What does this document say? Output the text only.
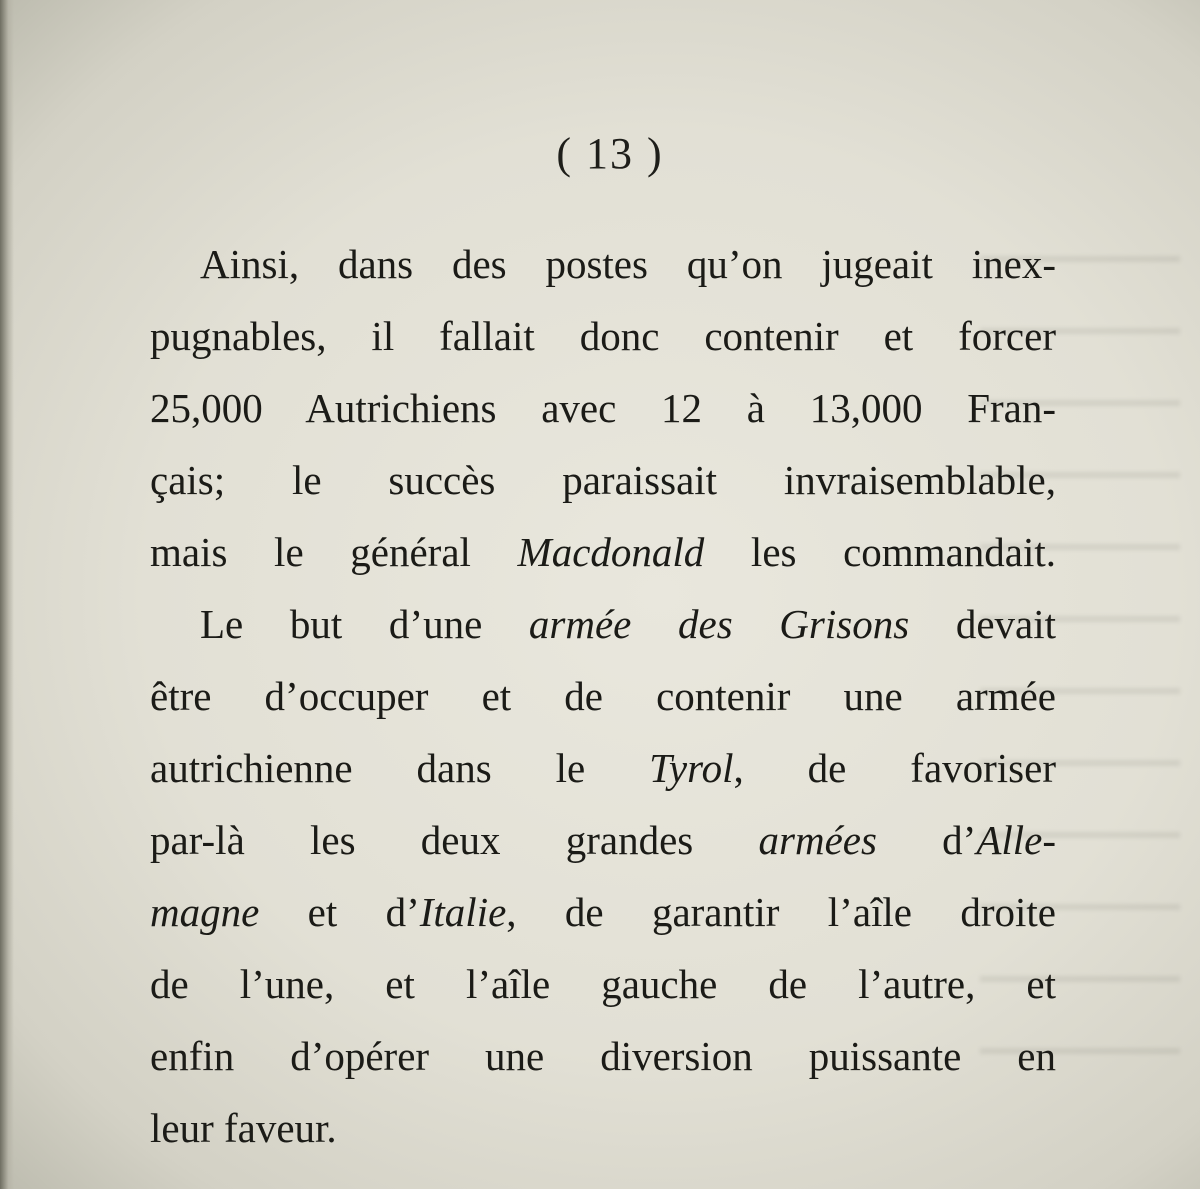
( 13 )
Ainsi, dans des postes qu’on jugeait inex-
pugnables, il fallait donc contenir et forcer
25,000 Autrichiens avec 12 à 13,000 Fran-
çais; le succès paraissait invraisemblable,
mais le général Macdonald les commandait.
Le but d’une armée des Grisons devait
être d’occuper et de contenir une armée
autrichienne dans le Tyrol, de favoriser
par-là les deux grandes armées d’Alle-
magne et d’Italie, de garantir l’aîle droite
de l’une, et l’aîle gauche de l’autre, et
enfin d’opérer une diversion puissante en
leur faveur.
